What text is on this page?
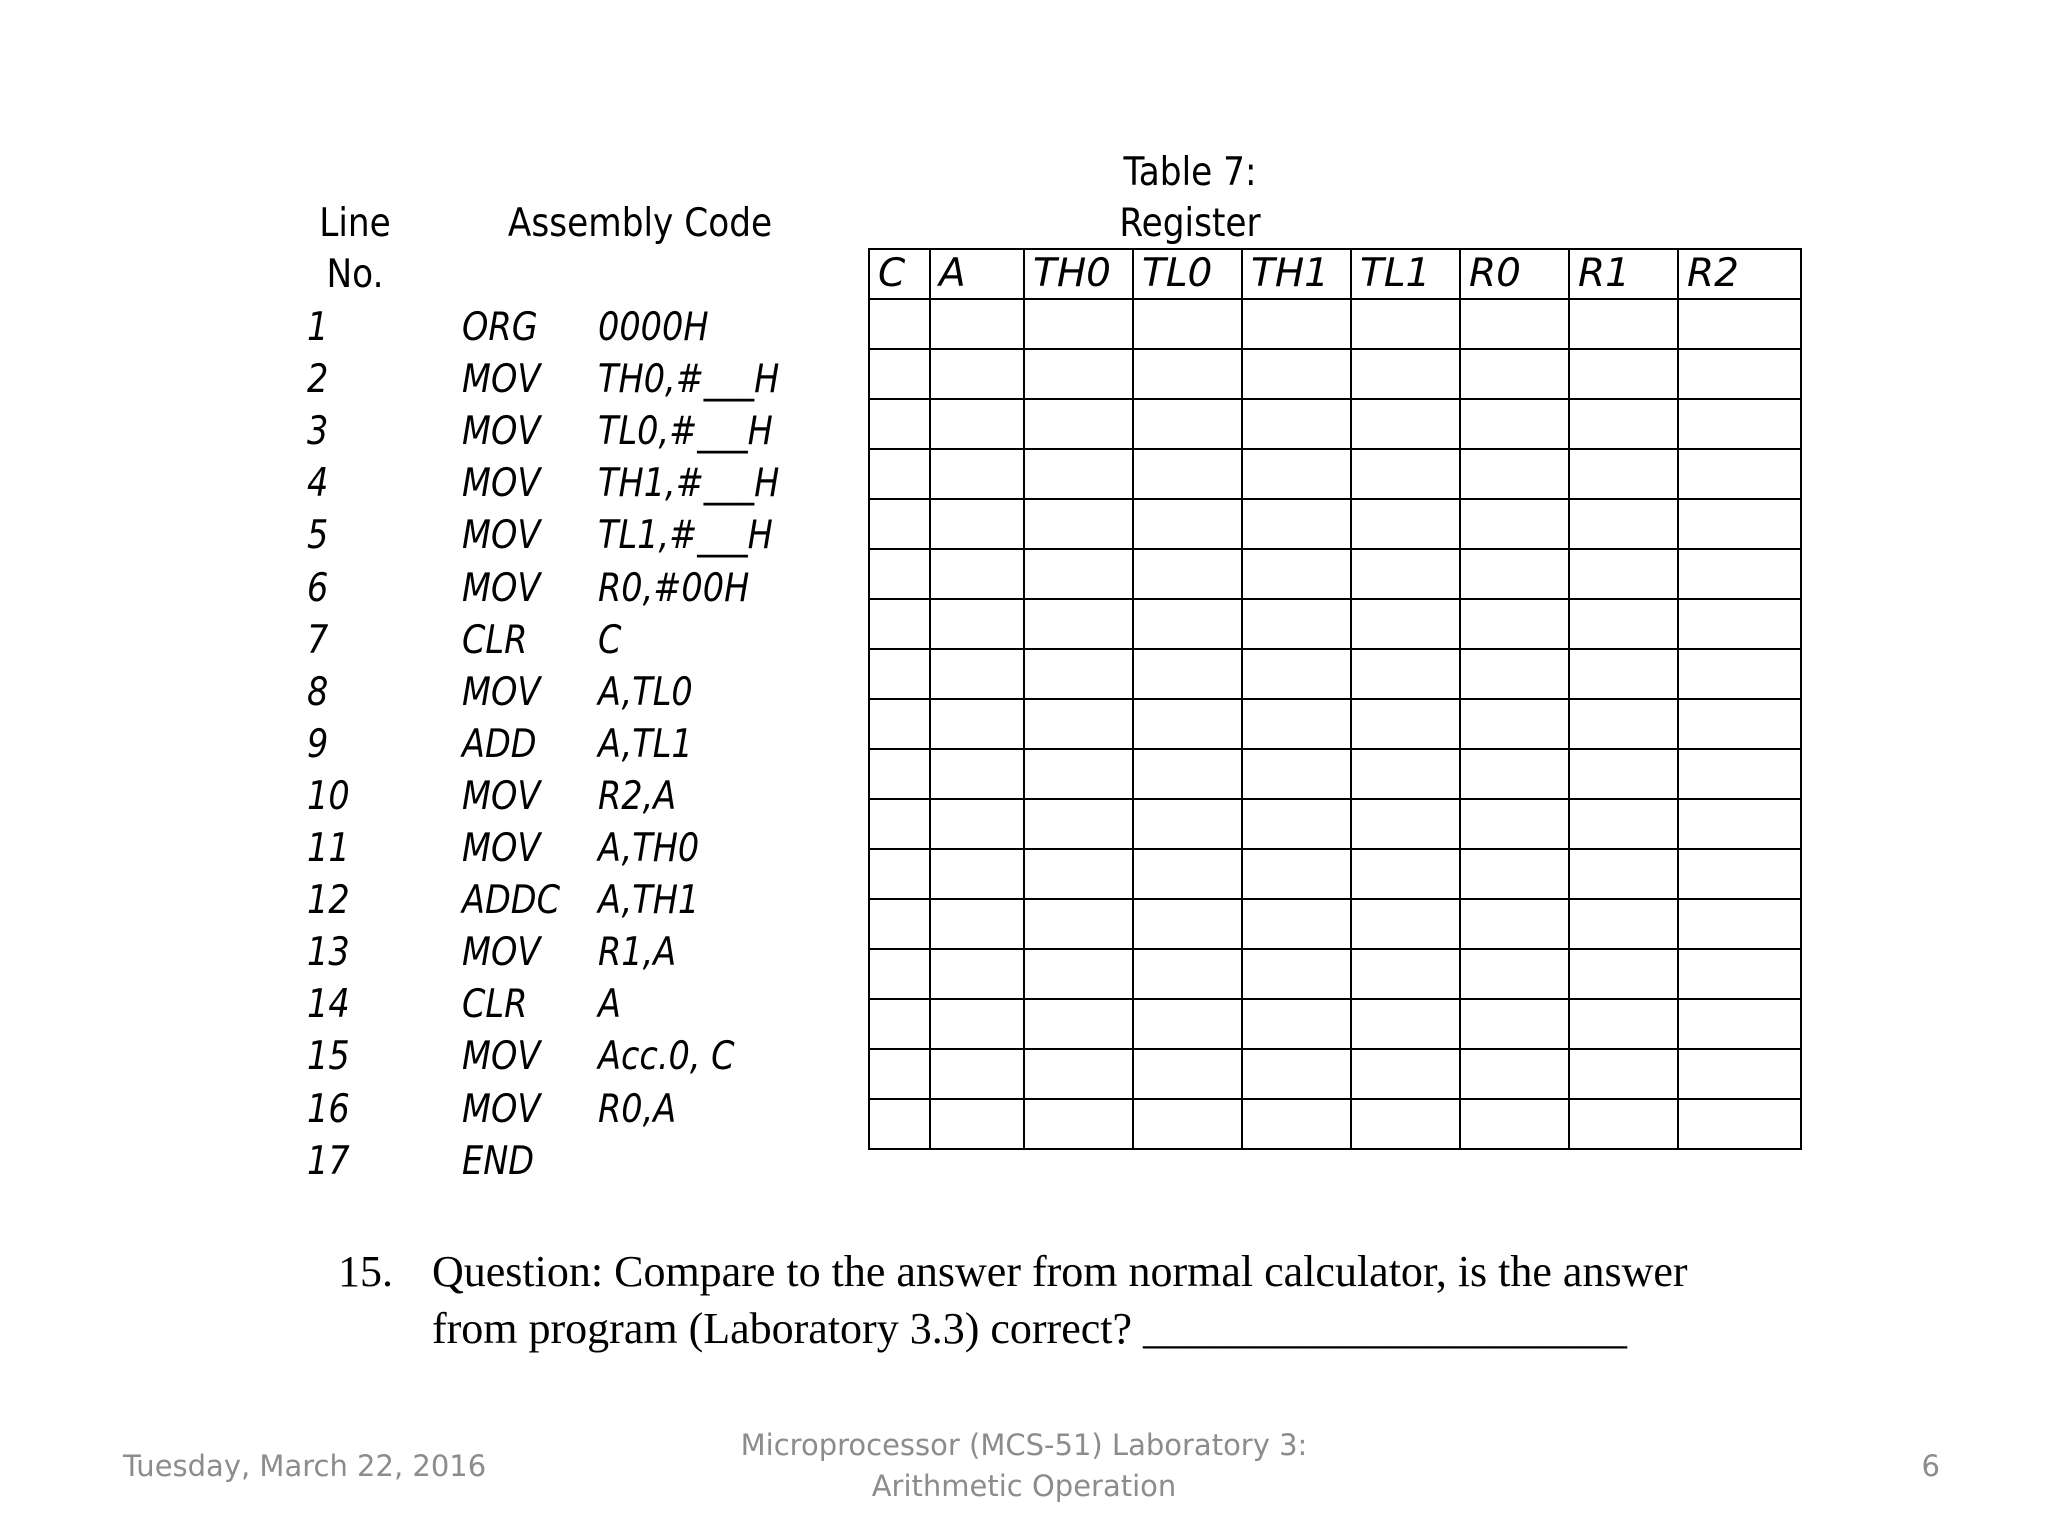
Line
No.
Assembly Code
Table 7:
Register
1	ORG 0000H
2	MOV TH0,#___H
3	MOV TL0,#___H
4	MOV TH1,#___H
5	MOV TL1,#___H
6	MOV R0,#00H
7	CLR C
8	MOV A,TL0
9	ADD A,TL1
10	MOV R2,A
11	MOV A,TH0
12	ADDC A,TH1
13	MOV R1,A
14	CLR A
15	MOV Acc.0, C
16	MOV R0,A
17	END
C	A	TH0	TL0	TH1	TL1	R0	R1	R2

15. Question: Compare to the answer from normal calculator, is the answer
from program (Laboratory 3.3) correct? ______________________
Tuesday, March 22, 2016
Microprocessor (MCS-51) Laboratory 3:
Arithmetic Operation
6
